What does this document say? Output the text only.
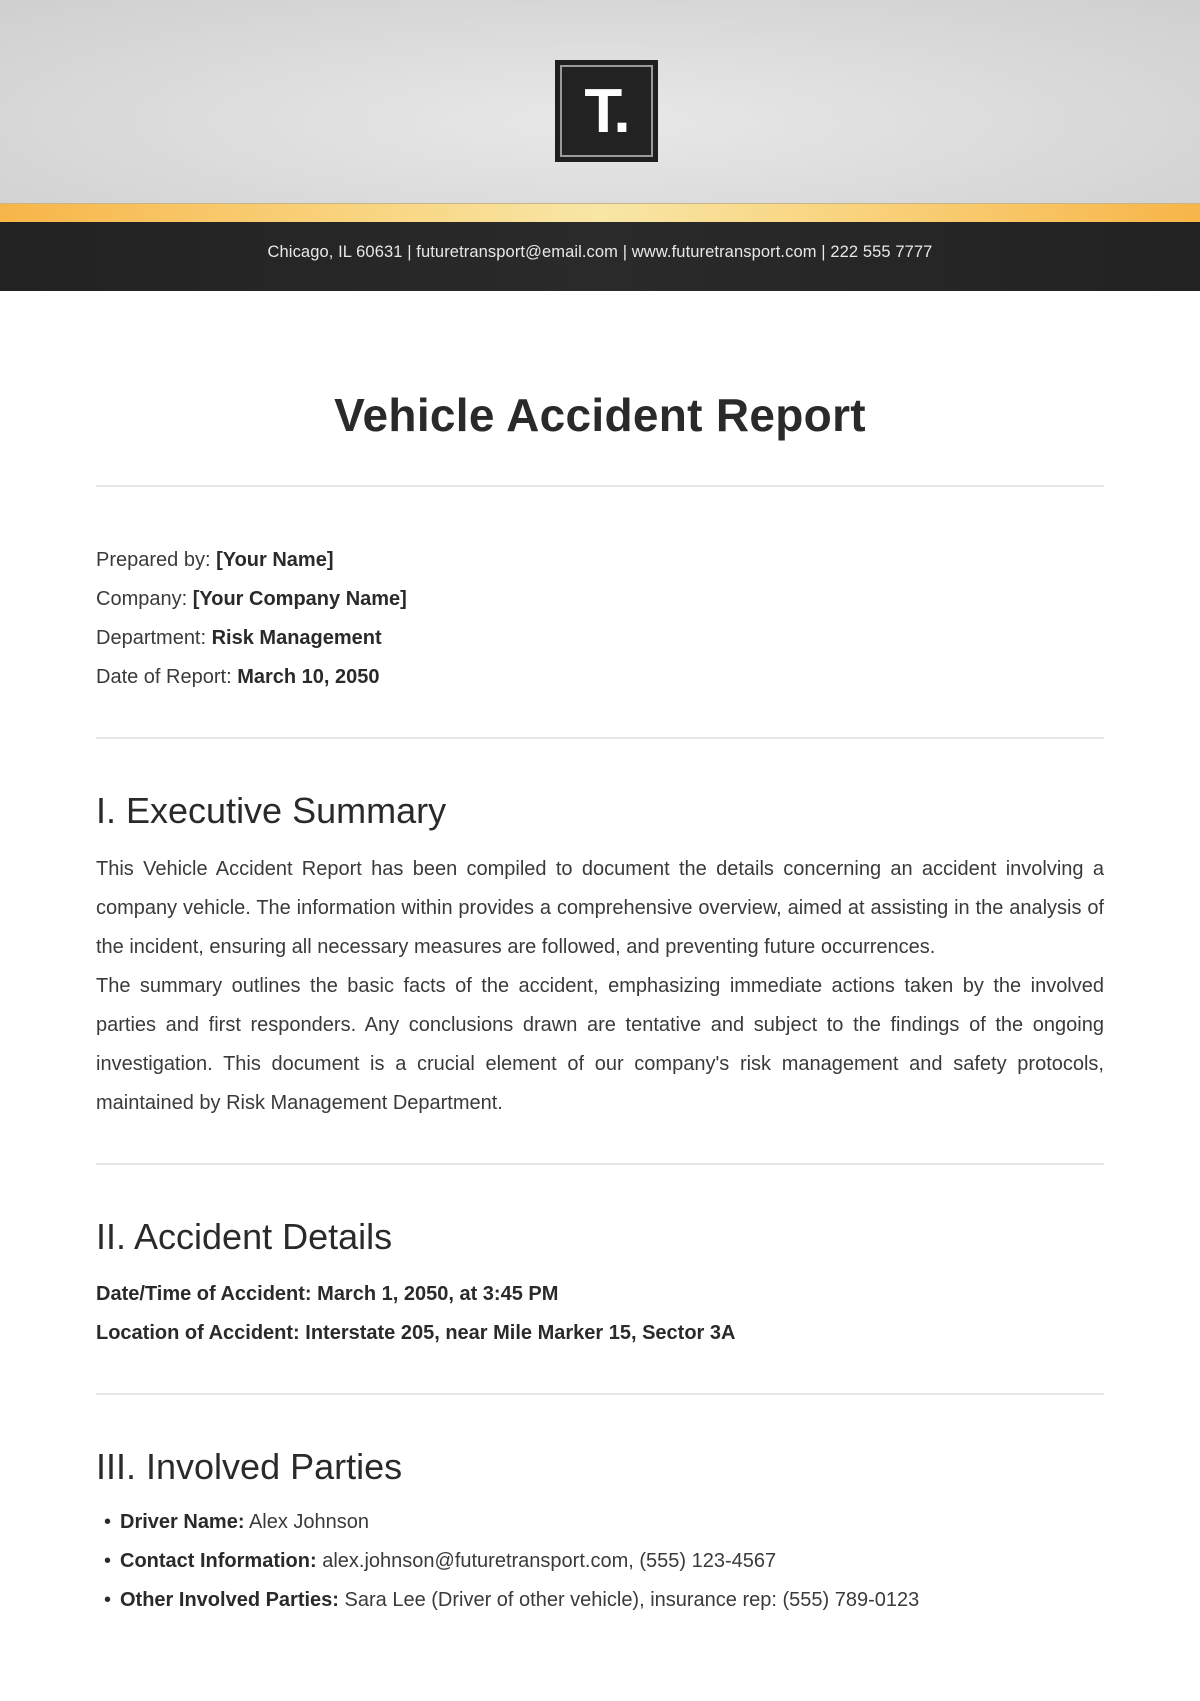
T.
Chicago, IL 60631 | futuretransport@email.com | www.futuretransport.com | 222 555 7777
Vehicle Accident Report
Prepared by: [Your Name]
Company: [Your Company Name]
Department: Risk Management
Date of Report: March 10, 2050
I. Executive Summary

This Vehicle Accident Report has been compiled to document the details concerning an accident involving a company vehicle. The information within provides a comprehensive overview, aimed at assisting in the analysis of the incident, ensuring all necessary measures are followed, and preventing future occurrences.

The summary outlines the basic facts of the accident, emphasizing immediate actions taken by the involved parties and first responders. Any conclusions drawn are tentative and subject to the findings of the ongoing investigation. This document is a crucial element of our company's risk management and safety protocols, maintained by Risk Management Department.

II. Accident Details
Date/Time of Accident: March 1, 2050, at 3:45 PM
Location of Accident: Interstate 205, near Mile Marker 15, Sector 3A
III. Involved Parties
• Driver Name: Alex Johnson
• Contact Information: alex.johnson@futuretransport.com, (555) 123-4567
• Other Involved Parties: Sara Lee (Driver of other vehicle), insurance rep: (555) 789-0123
